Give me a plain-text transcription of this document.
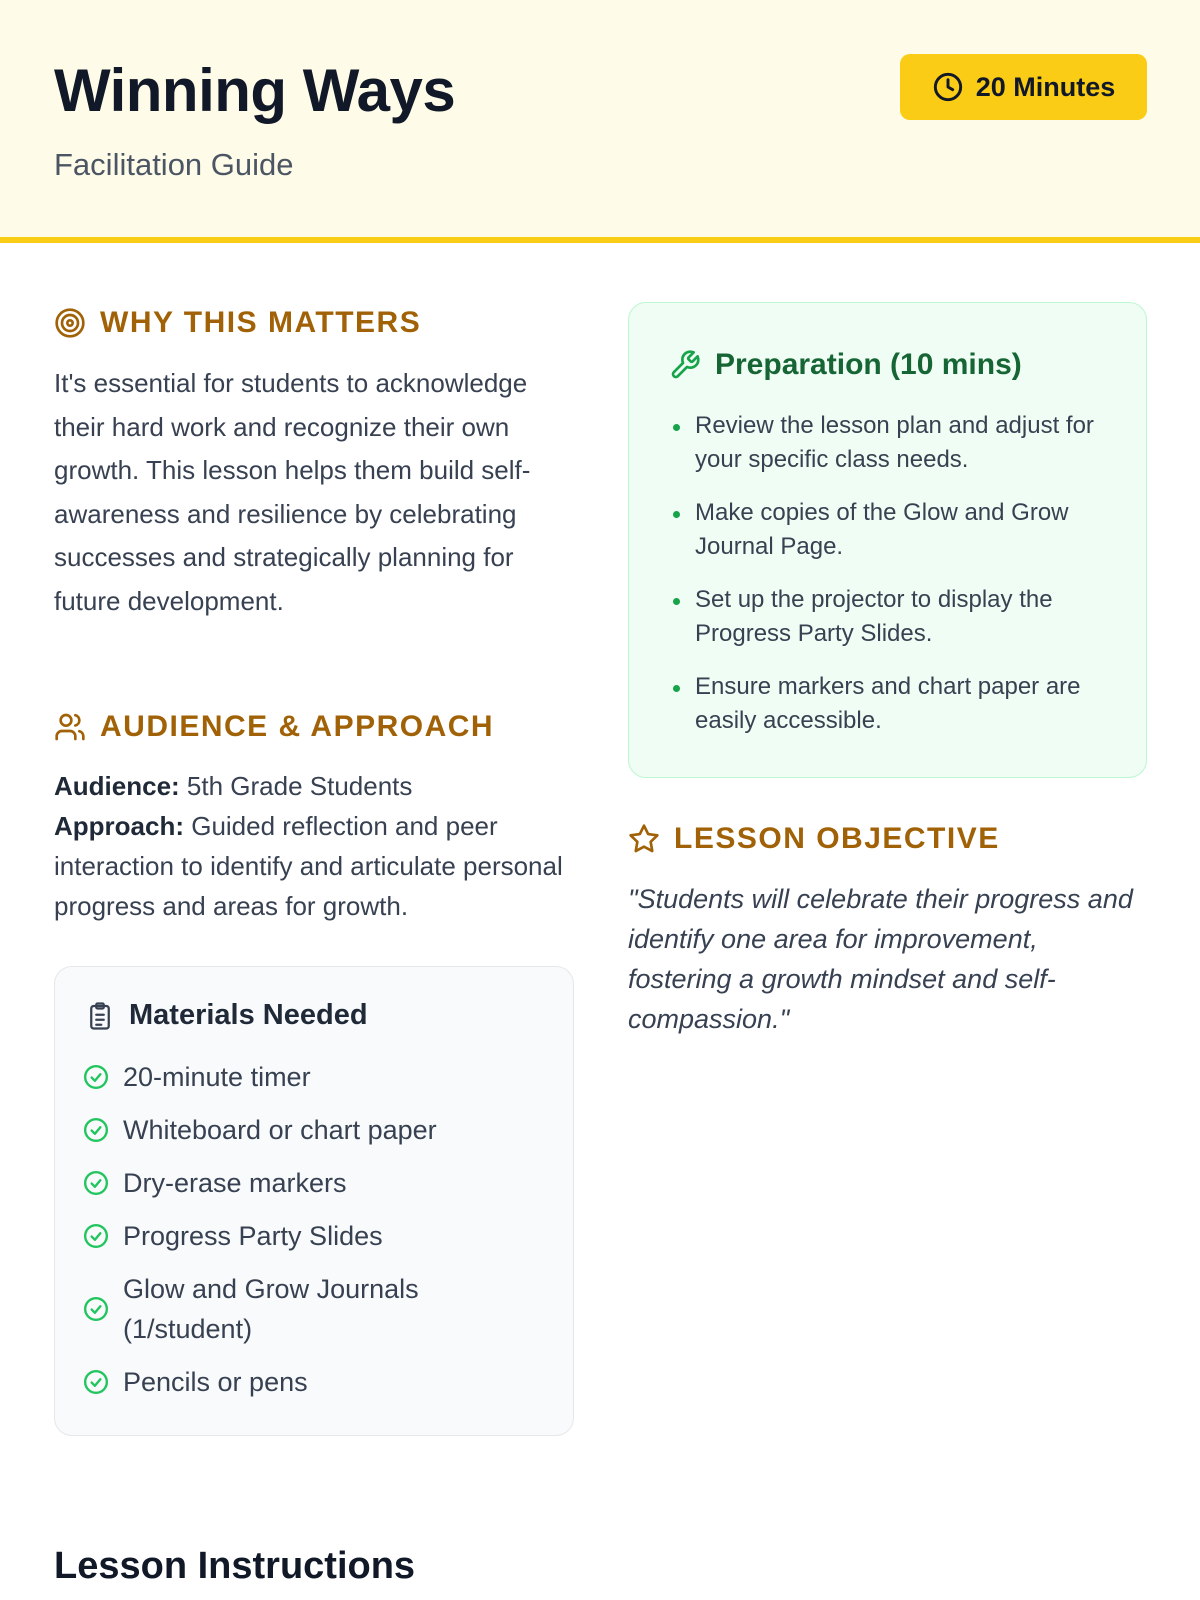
Winning Ways
Facilitation Guide
20 Minutes
WHY THIS MATTERS

It's essential for students to acknowledge their hard work and recognize their own growth. This lesson helps them build self-awareness and resilience by celebrating successes and strategically planning for future development.

AUDIENCE & APPROACH
Audience: 5th Grade Students
Approach: Guided reflection and peer interaction to identify and articulate personal progress and areas for growth.
Materials Needed
20-minute timer
Whiteboard or chart paper
Dry-erase markers
Progress Party Slides
Glow and Grow Journals (1/student)
Pencils or pens
Preparation (10 mins)
Review the lesson plan and adjust for your specific class needs.
Make copies of the Glow and Grow Journal Page.
Set up the projector to display the Progress Party Slides.
Ensure markers and chart paper are easily accessible.
LESSON OBJECTIVE

"Students will celebrate their progress and identify one area for improvement, fostering a growth mindset and self-compassion."

Lesson Instructions
